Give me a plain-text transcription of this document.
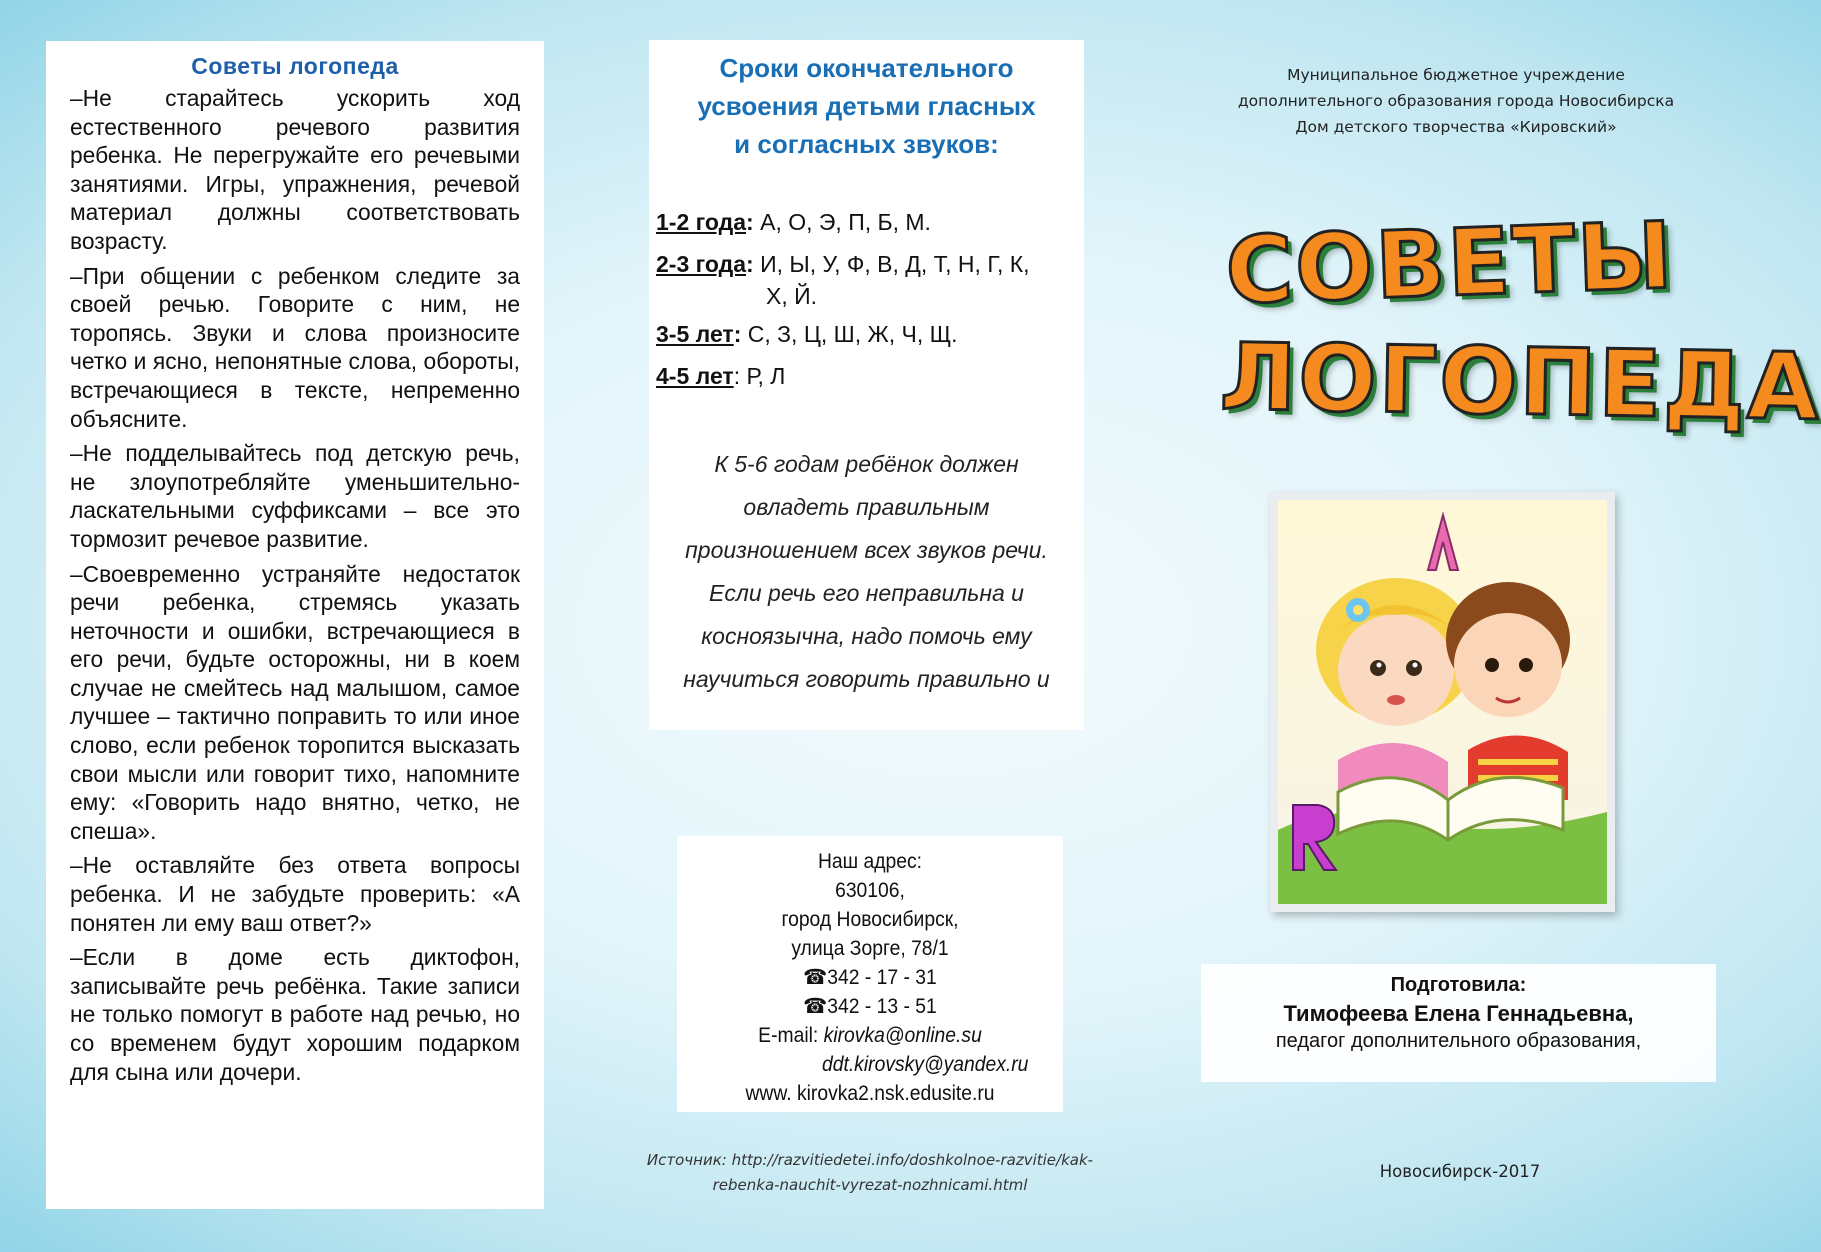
Советы логопеда

–Не старайтесь ускорить ход естественного речевого развития ребенка. Не перегружайте его речевыми занятиями. Игры, упражнения, речевой материал должны соответствовать возрасту.

–При общении с ребенком следите за своей речью. Говорите с ним, не торопясь. Звуки и слова произносите четко и ясно, непонятные слова, обороты, встречающиеся в тексте, непременно объясните.

–Не подделывайтесь под детскую речь, не злоупотребляйте уменьшительно-ласкательными суффиксами – все это тормозит речевое развитие.

–Своевременно устраняйте недостаток речи ребенка, стремясь указать неточности и ошибки, встречающиеся в его речи, будьте осторожны, ни в коем случае не смейтесь над малышом, самое лучшее – тактично поправить то или иное слово, если ребенок торопится высказать свои мысли или говорит тихо, напомните ему: «Говорить надо внятно, четко, не спеша».

–Не оставляйте без ответа вопросы ребенка. И не забудьте проверить: «А понятен ли ему ваш ответ?»

–Если в доме есть диктофон, записывайте речь ребёнка. Такие записи не только помогут в работе над речью, но со временем будут хорошим подарком для сына или дочери.

Сроки окончательного
усвоения детьми гласных
и согласных звуков:
1-2 года: А, О, Э, П, Б, М.
2-3 года: И, Ы, У, Ф, В, Д, Т, Н, Г, К,
Х, Й.
3-5 лет: С, З, Ц, Ш, Ж, Ч, Щ.
4-5 лет: Р, Л
К 5-6 годам ребёнок должен
овладеть правильным
произношением всех звуков речи.
Если речь его неправильна и
косноязычна, надо помочь ему
научиться говорить правильно и
Наш адрес:
630106,
город Новосибирск,
улица Зорге, 78/1
☎342 - 17 - 31
☎342 - 13 - 51
E-mail: kirovka@online.su
ddt.kirovsky@yandex.ru
www. kirovka2.nsk.edusite.ru
Источник: http://razvitiedetei.info/doshkolnoe-razvitie/kak-
rebenka-nauchit-vyrezat-nozhnicami.html
Муниципальное бюджетное учреждение
дополнительного образования города Новосибирска
Дом детского творчества «Кировский»
СОВЕТЫ
ЛОГОПЕДА
Подготовила:
Тимофеева Елена Геннадьевна,
педагог дополнительного образования,
Новосибирск-2017
